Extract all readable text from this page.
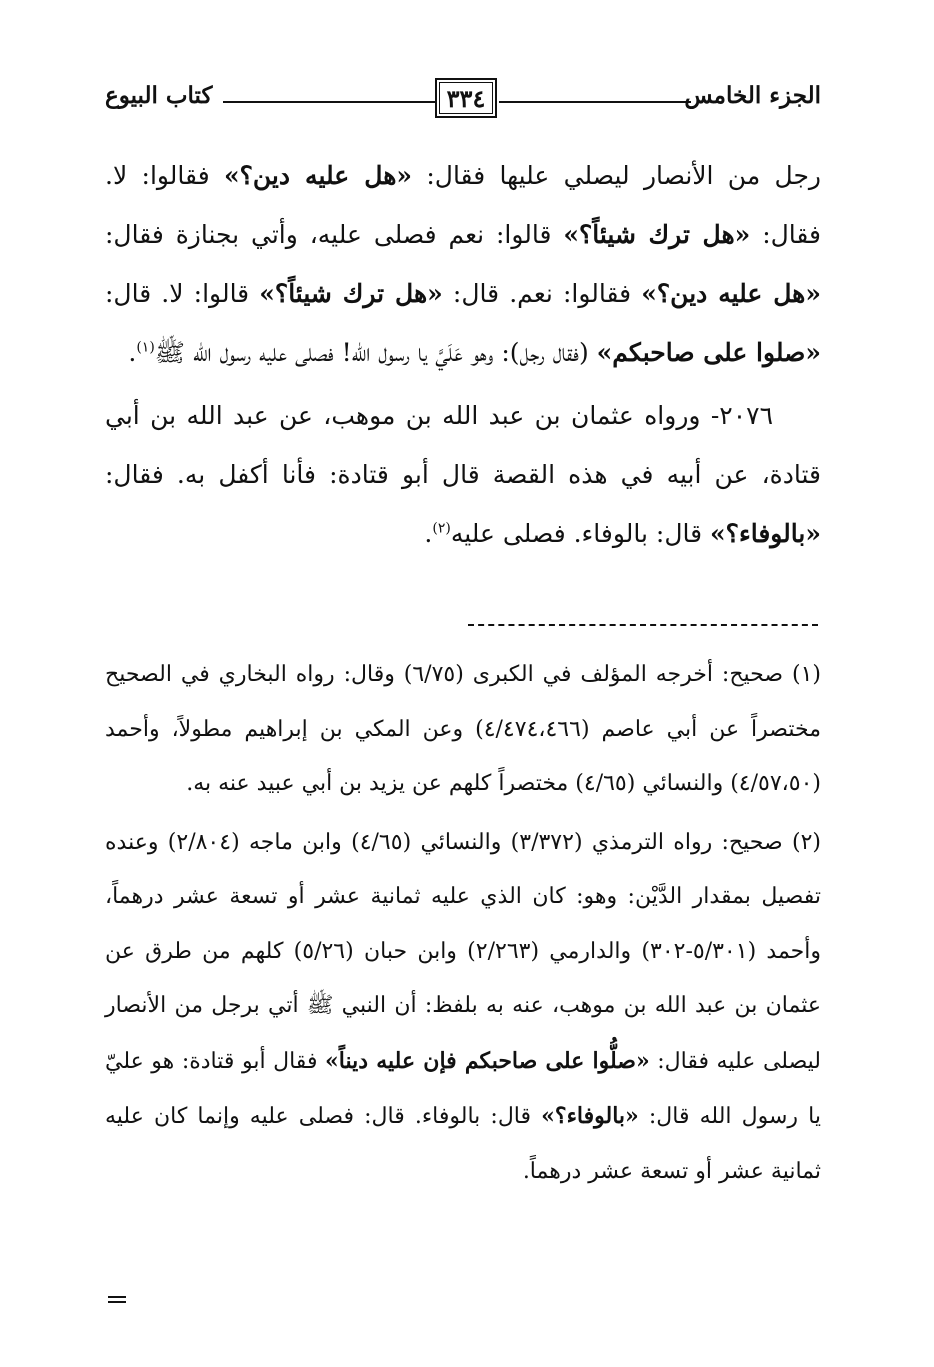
الجزء الخامس
٣٣٤
كتاب البيوع

رجل من الأنصار ليصلي عليها فقال: «هل عليه دين؟» فقالوا: لا. فقال: «هل ترك شيئاً؟» قالوا: نعم فصلى عليه، وأتي بجنازة فقال: «هل عليه دين؟» فقالوا: نعم. قال: «هل ترك شيئاً؟» قالوا: لا. قال: «صلوا على صاحبكم» (فقال رجل): وهو عَلَيَّ يا رسول الله! فصلى عليه رسول الله ﷺ$^{(١)}$.

٢٠٧٦- ورواه عثمان بن عبد الله بن موهب، عن عبد الله بن أبي قتادة، عن أبيه في هذه القصة قال أبو قتادة: فأنا أكفل به. فقال: «بالوفاء؟» قال: بالوفاء. فصلى عليه$^{(٢)}$.

(١) صحيح: أخرجه المؤلف في الكبرى (٦/٧٥) وقال: رواه البخاري في الصحيح مختصراً عن أبي عاصم (٤/٤٧٤،٤٦٦) وعن المكي بن إبراهيم مطولاً، وأحمد (٤/٥٧،٥٠) والنسائي (٤/٦٥) مختصراً كلهم عن يزيد بن أبي عبيد عنه به.

(٢) صحيح: رواه الترمذي (٣/٣٧٢) والنسائي (٤/٦٥) وابن ماجه (٢/٨٠٤) وعنده تفصيل بمقدار الدَّيْن: وهو: كان الذي عليه ثمانية عشر أو تسعة عشر درهماً، وأحمد (٥/٣٠١-٣٠٢) والدارمي (٢/٢٦٣) وابن حبان (٥/٢٦) كلهم من طرق عن عثمان بن عبد الله بن موهب، عنه به بلفظ: أن النبي ﷺ أتي برجل من الأنصار ليصلى عليه فقال: «صلُّوا على صاحبكم فإن عليه ديناً» فقال أبو قتادة: هو عليّ يا رسول الله قال: «بالوفاء؟» قال: بالوفاء. قال: فصلى عليه وإنما كان عليه ثمانية عشر أو تسعة عشر درهماً.
